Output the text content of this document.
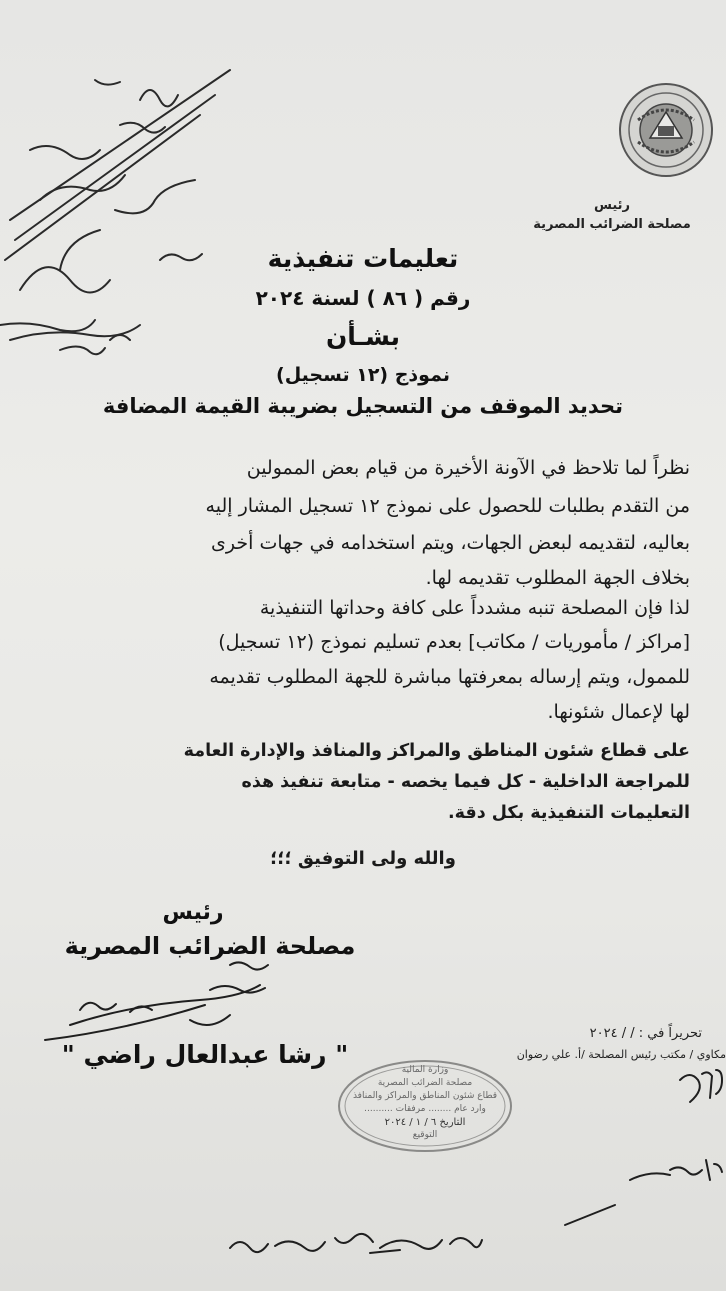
رئيس
مصلحة الضرائب المصرية
تعليمات تنفيذية
رقم ( ٨٦ ) لسنة ٢٠٢٤
بشـأن
نموذج (١٢ تسجيل)
تحديد الموقف من التسجيل بضريبة القيمة المضافة
نظراً لما تلاحظ في الآونة الأخيرة من قيام بعض الممولين
من التقدم بطلبات للحصول على نموذج ١٢ تسجيل المشار إليه
بعاليه، لتقديمه لبعض الجهات، ويتم استخدامه في جهات أخرى
بخلاف الجهة المطلوب تقديمه لها.
لذا فإن المصلحة تنبه مشدداً على كافة وحداتها التنفيذية
[مراكز / مأموريات / مكاتب] بعدم تسليم نموذج (١٢ تسجيل)
للممول، ويتم إرساله بمعرفتها مباشرة للجهة المطلوب تقديمه
لها لإعمال شئونها.
على قطاع شئون المناطق والمراكز والمنافذ والإدارة العامة
للمراجعة الداخلية - كل فيما يخصه - متابعة تنفيذ هذه
التعليمات التنفيذية بكل دقة.
والله ولى التوفيق ؛؛؛
رئيس
مصلحة الضرائب المصرية
" رشا عبدالعال راضي "
تحريراً في : / / ٢٠٢٤
مكاوي / مكتب رئيس المصلحة /أ. علي رضوان
وزارة المالية
مصلحة الضرائب المصرية
قطاع شئون المناطق والمراكز والمنافذ
وارد عام ........ مرفقات ..........
التاريخ ٦ / ١ / ٢٠٢٤
التوقيع
